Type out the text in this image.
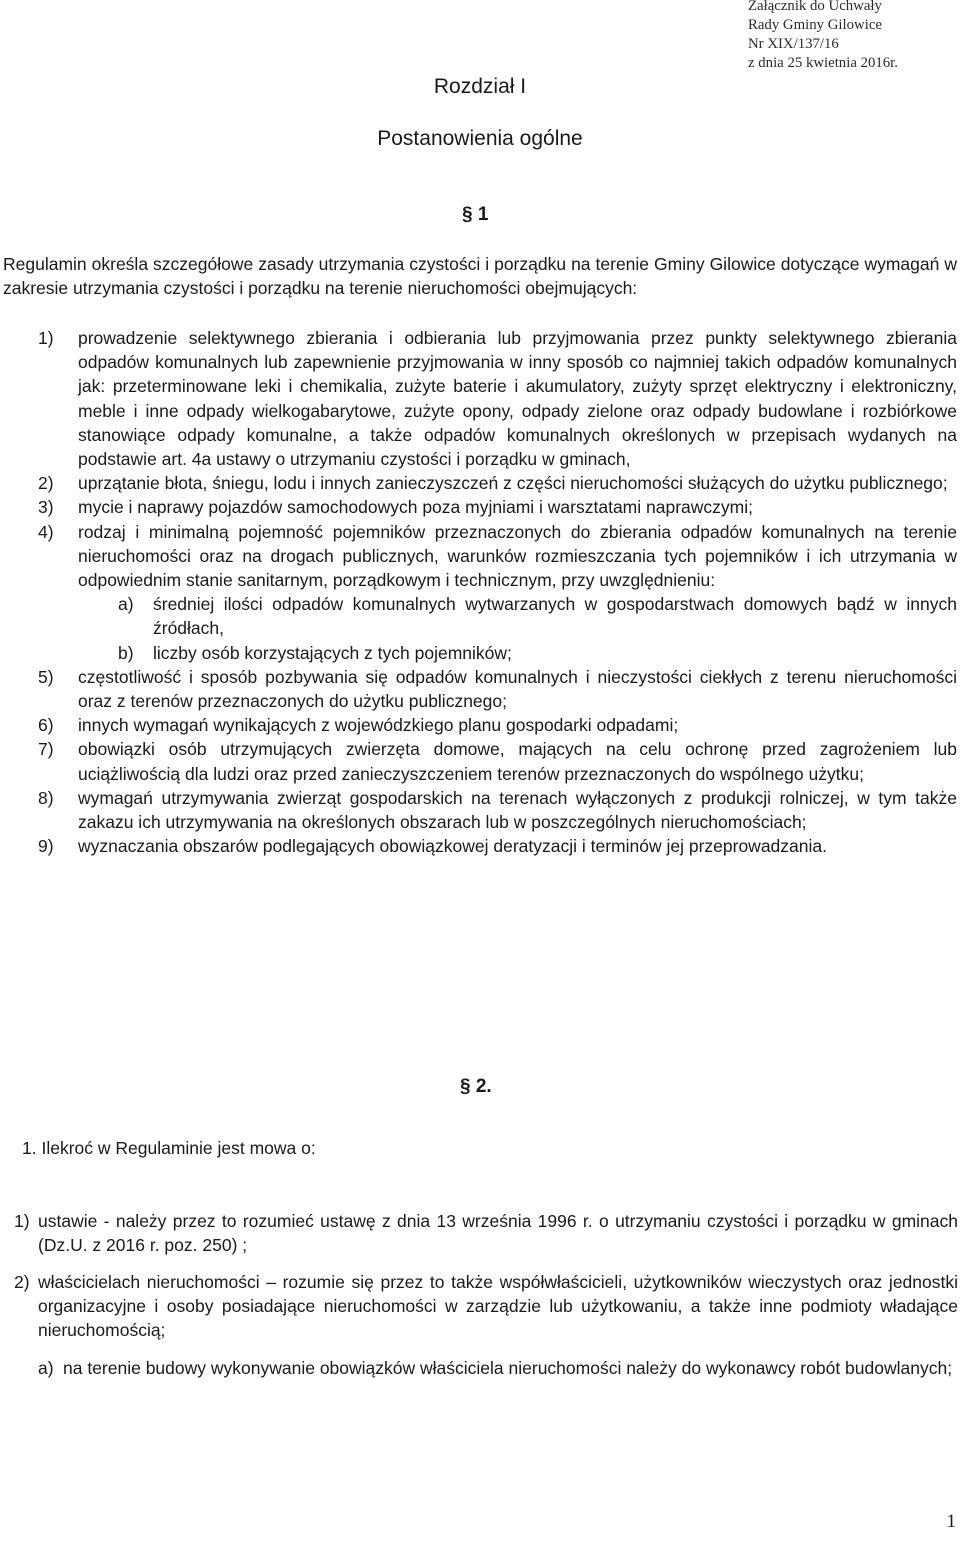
Załącznik do Uchwały
Rady Gminy Gilowice
Nr XIX/137/16
z dnia 25 kwietnia 2016r.
Rozdział I
Postanowienia ogólne
§ 1
Regulamin określa szczegółowe zasady utrzymania czystości i porządku na terenie Gminy Gilowice dotyczące wymagań w zakresie utrzymania czystości i porządku na terenie nieruchomości obejmujących:
1) prowadzenie selektywnego zbierania i odbierania lub przyjmowania przez punkty selektywnego zbierania odpadów komunalnych lub zapewnienie przyjmowania w inny sposób co najmniej takich odpadów komunalnych jak: przeterminowane leki i chemikalia, zużyte baterie i akumulatory, zużyty sprzęt elektryczny i elektroniczny, meble i inne odpady wielkogabarytowe, zużyte opony, odpady zielone oraz odpady budowlane i rozbiórkowe stanowiące odpady komunalne, a także odpadów komunalnych określonych w przepisach wydanych na podstawie art. 4a ustawy o utrzymaniu czystości i porządku w gminach,
2) uprzątanie błota, śniegu, lodu i innych zanieczyszczeń z części nieruchomości służących do użytku publicznego;
3) mycie i naprawy pojazdów samochodowych poza myjniami i warsztatami naprawczymi;
4) rodzaj i minimalną pojemność pojemników przeznaczonych do zbierania odpadów komunalnych na terenie nieruchomości oraz na drogach publicznych, warunków rozmieszczania tych pojemników i ich utrzymania w odpowiednim stanie sanitarnym, porządkowym i technicznym, przy uwzględnieniu:
a) średniej ilości odpadów komunalnych wytwarzanych w gospodarstwach domowych bądź w innych źródłach,
b) liczby osób korzystających z tych pojemników;
5) częstotliwość i sposób pozbywania się odpadów komunalnych i nieczystości ciekłych z terenu nieruchomości oraz z terenów przeznaczonych do użytku publicznego;
6) innych wymagań wynikających z wojewódzkiego planu gospodarki odpadami;
7) obowiązki osób utrzymujących zwierzęta domowe, mających na celu ochronę przed zagrożeniem lub uciążliwością dla ludzi oraz przed zanieczyszczeniem terenów przeznaczonych do wspólnego użytku;
8) wymagań utrzymywania zwierząt gospodarskich na terenach wyłączonych z produkcji rolniczej, w tym także zakazu ich utrzymywania na określonych obszarach lub w poszczególnych nieruchomościach;
9) wyznaczania obszarów podlegających obowiązkowej deratyzacji i terminów jej przeprowadzania.
§ 2.
1. Ilekroć w Regulaminie jest mowa o:
1) ustawie - należy przez to rozumieć ustawę z dnia 13 września 1996 r. o utrzymaniu czystości i porządku w gminach (Dz.U. z 2016 r. poz. 250) ;
2) właścicielach nieruchomości – rozumie się przez to także współwłaścicieli, użytkowników wieczystych oraz jednostki organizacyjne i osoby posiadające nieruchomości w zarządzie lub użytkowaniu, a także inne podmioty władające nieruchomością;
a) na terenie budowy wykonywanie obowiązków właściciela nieruchomości należy do wykonawcy robót budowlanych;
1
